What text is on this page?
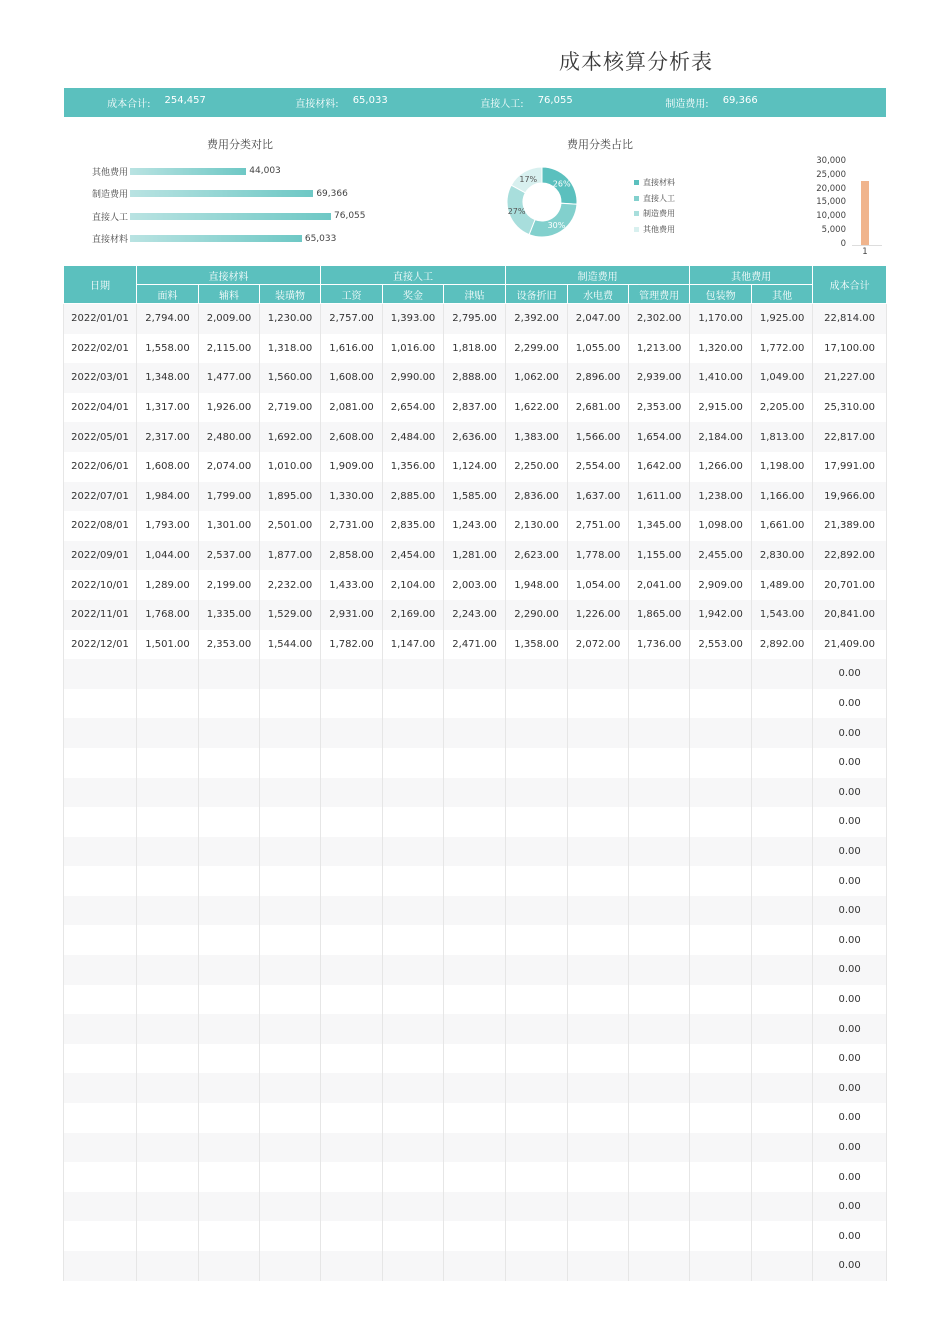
成本核算分析表
成本合计: 254,457	直接材料: 65,033	直接人工: 76,055	制造费用: 69,366
费用分类对比
其他费用	44,003
制造费用	69,366
直接人工	76,055
直接材料	65,033
费用分类占比
26%
30%
27%
17%	直接材料
直接人工
制造费用
其他费用
30,000
25,000
20,000
15,000
10,000
5,000
0
1
日期	直接材料			直接人工			制造费用			其他费用		成本合计
	面料	辅料	装璜物	工资	奖金	津贴	设备折旧	水电费	管理费用	包装物	其他	
2022/01/01	2,794.00	2,009.00	1,230.00	2,757.00	1,393.00	2,795.00	2,392.00	2,047.00	2,302.00	1,170.00	1,925.00	22,814.00
2022/02/01	1,558.00	2,115.00	1,318.00	1,616.00	1,016.00	1,818.00	2,299.00	1,055.00	1,213.00	1,320.00	1,772.00	17,100.00
2022/03/01	1,348.00	1,477.00	1,560.00	1,608.00	2,990.00	2,888.00	1,062.00	2,896.00	2,939.00	1,410.00	1,049.00	21,227.00
2022/04/01	1,317.00	1,926.00	2,719.00	2,081.00	2,654.00	2,837.00	1,622.00	2,681.00	2,353.00	2,915.00	2,205.00	25,310.00
2022/05/01	2,317.00	2,480.00	1,692.00	2,608.00	2,484.00	2,636.00	1,383.00	1,566.00	1,654.00	2,184.00	1,813.00	22,817.00
2022/06/01	1,608.00	2,074.00	1,010.00	1,909.00	1,356.00	1,124.00	2,250.00	2,554.00	1,642.00	1,266.00	1,198.00	17,991.00
2022/07/01	1,984.00	1,799.00	1,895.00	1,330.00	2,885.00	1,585.00	2,836.00	1,637.00	1,611.00	1,238.00	1,166.00	19,966.00
2022/08/01	1,793.00	1,301.00	2,501.00	2,731.00	2,835.00	1,243.00	2,130.00	2,751.00	1,345.00	1,098.00	1,661.00	21,389.00
2022/09/01	1,044.00	2,537.00	1,877.00	2,858.00	2,454.00	1,281.00	2,623.00	1,778.00	1,155.00	2,455.00	2,830.00	22,892.00
2022/10/01	1,289.00	2,199.00	2,232.00	1,433.00	2,104.00	2,003.00	1,948.00	1,054.00	2,041.00	2,909.00	1,489.00	20,701.00
2022/11/01	1,768.00	1,335.00	1,529.00	2,931.00	2,169.00	2,243.00	2,290.00	1,226.00	1,865.00	1,942.00	1,543.00	20,841.00
2022/12/01	1,501.00	2,353.00	1,544.00	1,782.00	1,147.00	2,471.00	1,358.00	2,072.00	1,736.00	2,553.00	2,892.00	21,409.00
												0.00
												0.00
												0.00
												0.00
												0.00
												0.00
												0.00
												0.00
												0.00
												0.00
												0.00
												0.00
												0.00
												0.00
												0.00
												0.00
												0.00
												0.00
												0.00
												0.00
												0.00
